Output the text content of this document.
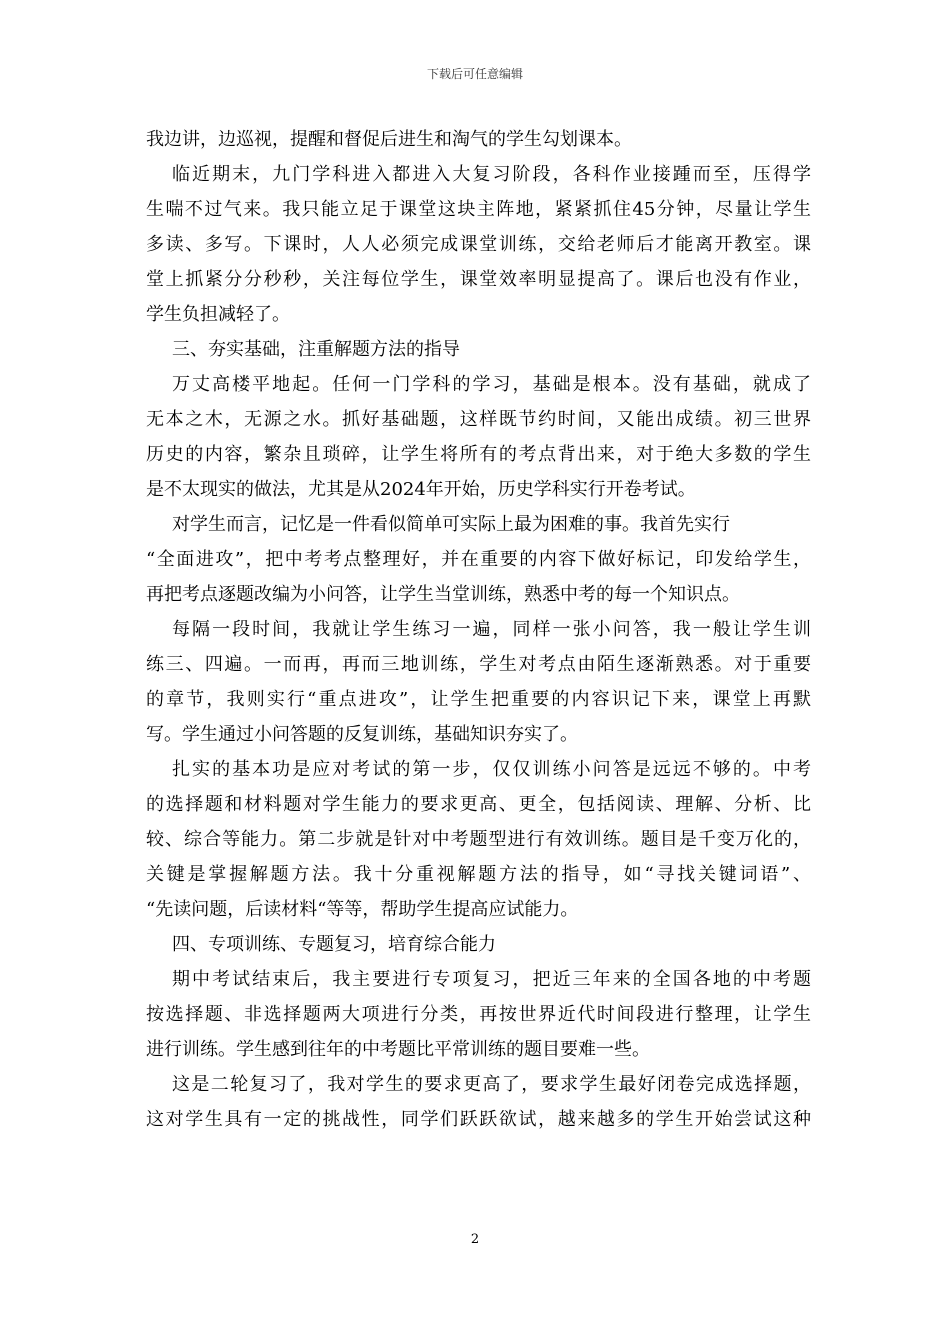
下载后可任意编辑
我边讲，边巡视，提醒和督促后进生和淘气的学生勾划课本。
临近期末，九门学科进入都进入大复习阶段，各科作业接踵而至，压得学
生喘不过气来。我只能立足于课堂这块主阵地，紧紧抓住45分钟，尽量让学生
多读、多写。下课时，人人必须完成课堂训练，交给老师后才能离开教室。课
堂上抓紧分分秒秒，关注每位学生，课堂效率明显提高了。课后也没有作业，
学生负担减轻了。
三、夯实基础，注重解题方法的指导
万丈高楼平地起。任何一门学科的学习，基础是根本。没有基础，就成了
无本之木，无源之水。抓好基础题，这样既节约时间，又能出成绩。初三世界
历史的内容，繁杂且琐碎，让学生将所有的考点背出来，对于绝大多数的学生
是不太现实的做法，尤其是从2024年开始，历史学科实行开卷考试。
对学生而言，记忆是一件看似简单可实际上最为困难的事。我首先实行
“全面进攻”，把中考考点整理好，并在重要的内容下做好标记，印发给学生，
再把考点逐题改编为小问答，让学生当堂训练，熟悉中考的每一个知识点。
每隔一段时间，我就让学生练习一遍，同样一张小问答，我一般让学生训
练三、四遍。一而再，再而三地训练，学生对考点由陌生逐渐熟悉。对于重要
的章节，我则实行“重点进攻”，让学生把重要的内容识记下来，课堂上再默
写。学生通过小问答题的反复训练，基础知识夯实了。
扎实的基本功是应对考试的第一步，仅仅训练小问答是远远不够的。中考
的选择题和材料题对学生能力的要求更高、更全，包括阅读、理解、分析、比
较、综合等能力。第二步就是针对中考题型进行有效训练。题目是千变万化的，
关键是掌握解题方法。我十分重视解题方法的指导，如“寻找关键词语”、
“先读问题，后读材料“等等，帮助学生提高应试能力。
四、专项训练、专题复习，培育综合能力
期中考试结束后，我主要进行专项复习，把近三年来的全国各地的中考题
按选择题、非选择题两大项进行分类，再按世界近代时间段进行整理，让学生
进行训练。学生感到往年的中考题比平常训练的题目要难一些。
这是二轮复习了，我对学生的要求更高了，要求学生最好闭卷完成选择题，
这对学生具有一定的挑战性，同学们跃跃欲试，越来越多的学生开始尝试这种
2
